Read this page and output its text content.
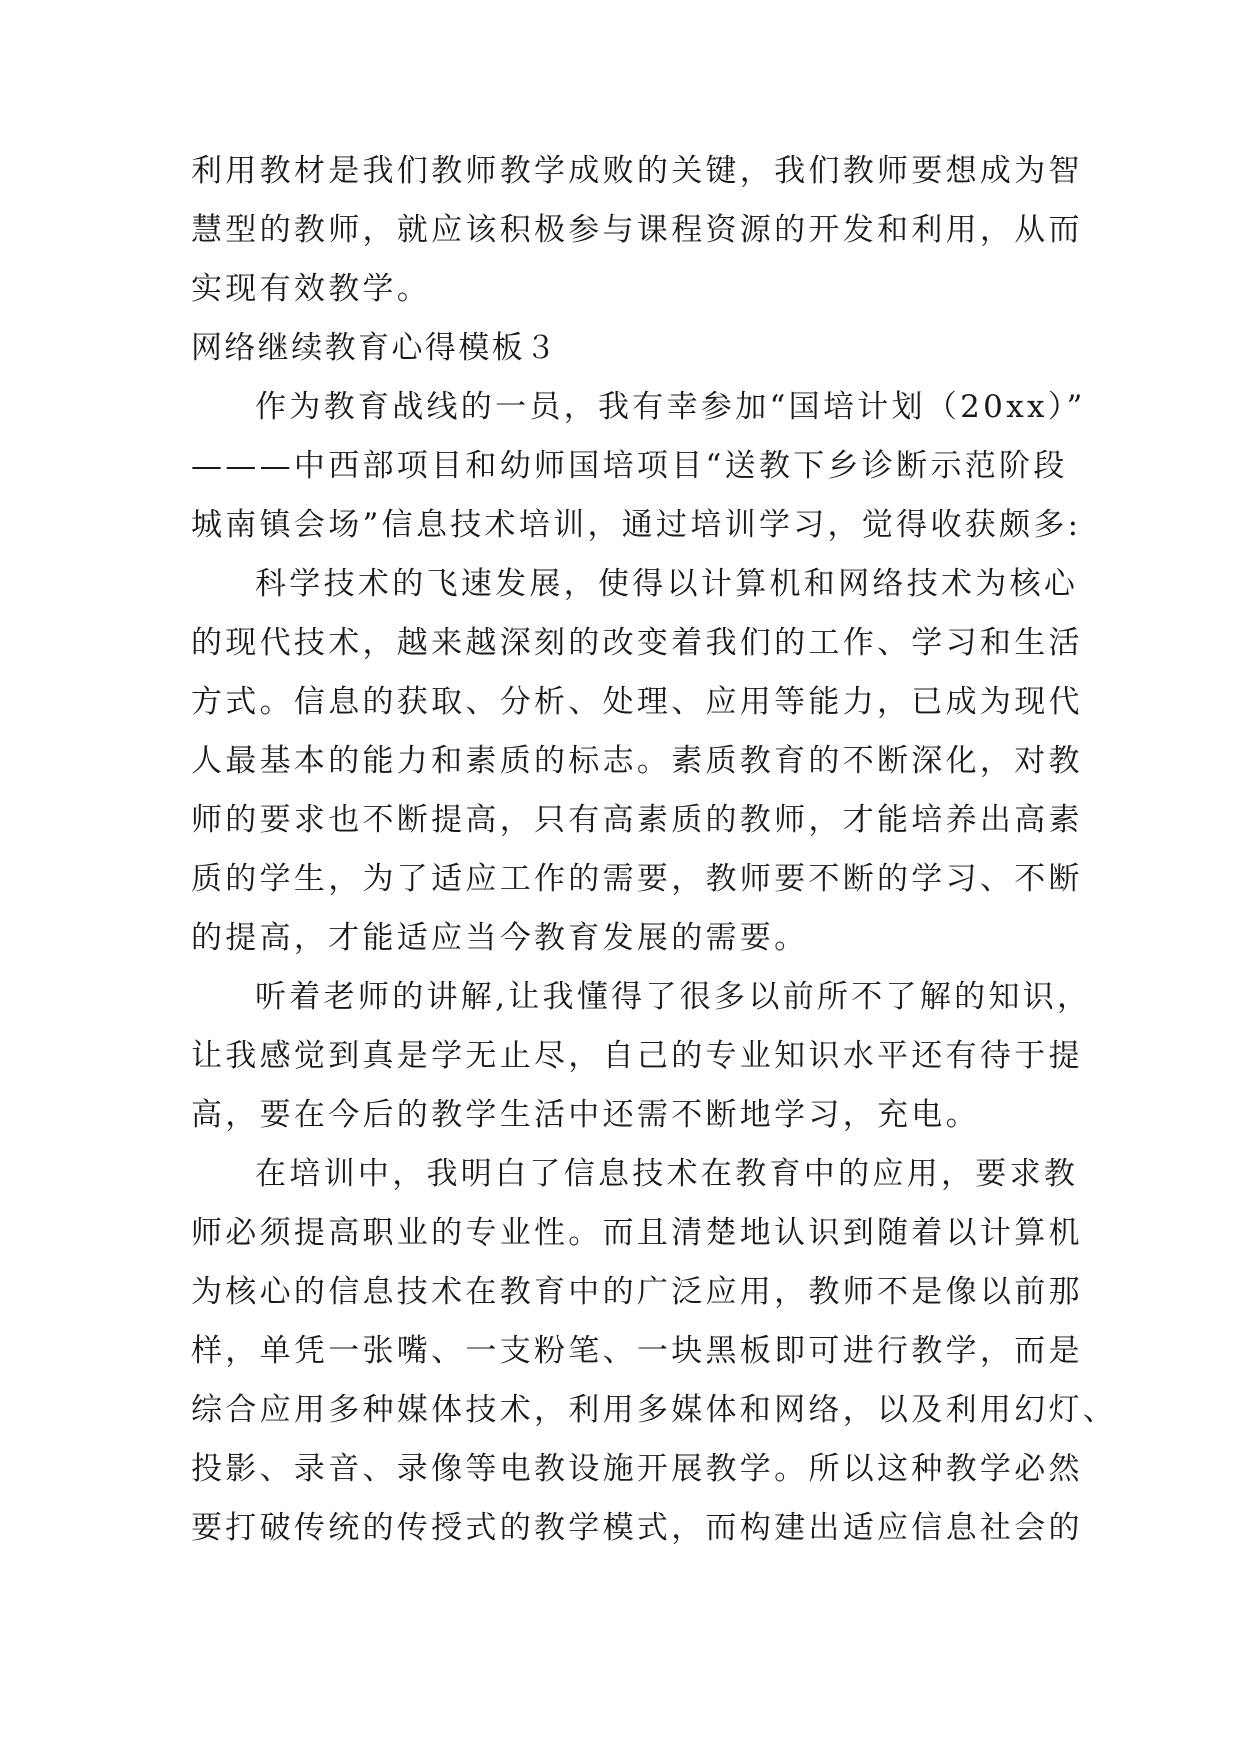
利用教材是我们教师教学成败的关键，我们教师要想成为智
慧型的教师，就应该积极参与课程资源的开发和利用，从而
实现有效教学。
网络继续教育心得模板３
作为教育战线的一员，我有幸参加“国培计划（20xx）”
———中西部项目和幼师国培项目“送教下乡诊断示范阶段
城南镇会场”信息技术培训，通过培训学习，觉得收获颇多:
科学技术的飞速发展，使得以计算机和网络技术为核心
的现代技术，越来越深刻的改变着我们的工作、学习和生活
方式。信息的获取、分析、处理、应用等能力，已成为现代
人最基本的能力和素质的标志。素质教育的不断深化，对教
师的要求也不断提高，只有高素质的教师，才能培养出高素
质的学生，为了适应工作的需要，教师要不断的学习、不断
的提高，才能适应当今教育发展的需要。
听着老师的讲解,让我懂得了很多以前所不了解的知识，
让我感觉到真是学无止尽，自己的专业知识水平还有待于提
高，要在今后的教学生活中还需不断地学习，充电。
在培训中，我明白了信息技术在教育中的应用，要求教
师必须提高职业的专业性。而且清楚地认识到随着以计算机
为核心的信息技术在教育中的广泛应用，教师不是像以前那
样，单凭一张嘴、一支粉笔、一块黑板即可进行教学，而是
综合应用多种媒体技术，利用多媒体和网络，以及利用幻灯、
投影、录音、录像等电教设施开展教学。所以这种教学必然
要打破传统的传授式的教学模式，而构建出适应信息社会的
